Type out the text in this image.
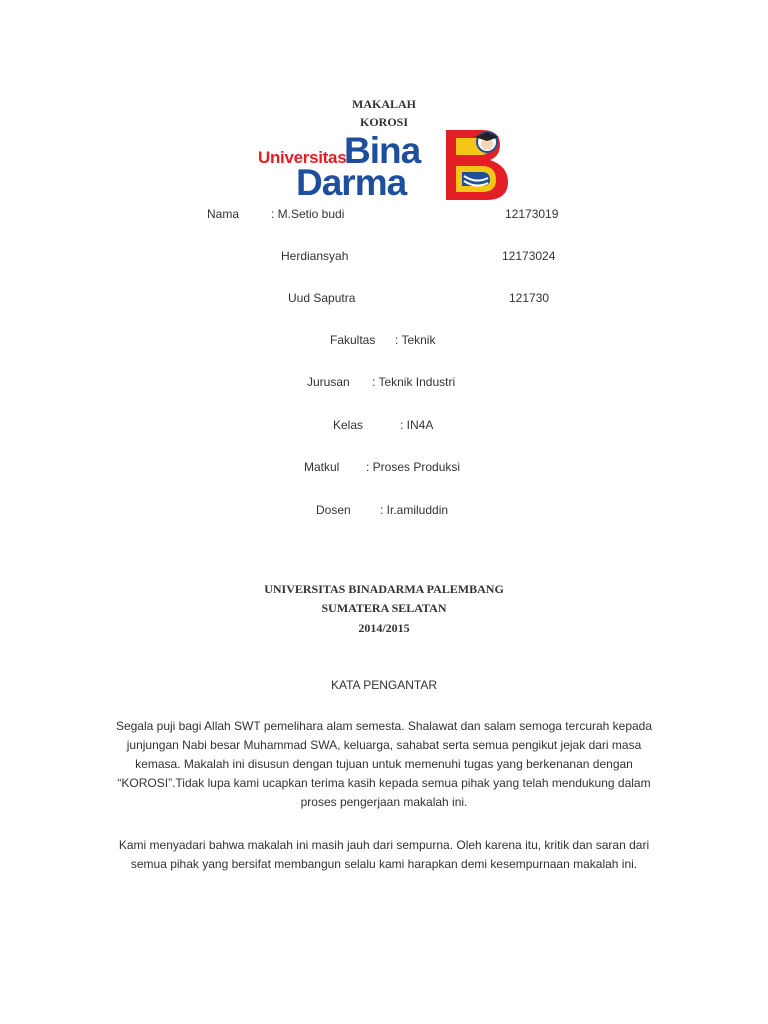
MAKALAH
KOROSI
Universitas
Bina
Darma
Nama	: M.Setio budi	12173019
Herdiansyah	12173024
Uud Saputra	121730
Fakultas : Teknik
Jurusan : Teknik Industri
Kelas	: IN4A
Matkul : Proses Produksi
Dosen : Ir.amiluddin
UNIVERSITAS BINADARMA PALEMBANG
SUMATERA SELATAN
2014/2015
KATA PENGANTAR
Segala puji bagi Allah SWT pemelihara alam semesta. Shalawat dan salam semoga tercurah kepada
junjungan Nabi besar Muhammad SWA, keluarga, sahabat serta semua pengikut jejak dari masa
kemasa. Makalah ini disusun dengan tujuan untuk memenuhi tugas yang berkenanan dengan
“KOROSI”.Tidak lupa kami ucapkan terima kasih kepada semua pihak yang telah mendukung dalam
proses pengerjaan makalah ini.
Kami menyadari bahwa makalah ini masih jauh dari sempurna. Oleh karena itu, kritik dan saran dari
semua pihak yang bersifat membangun selalu kami harapkan demi kesempurnaan makalah ini.
